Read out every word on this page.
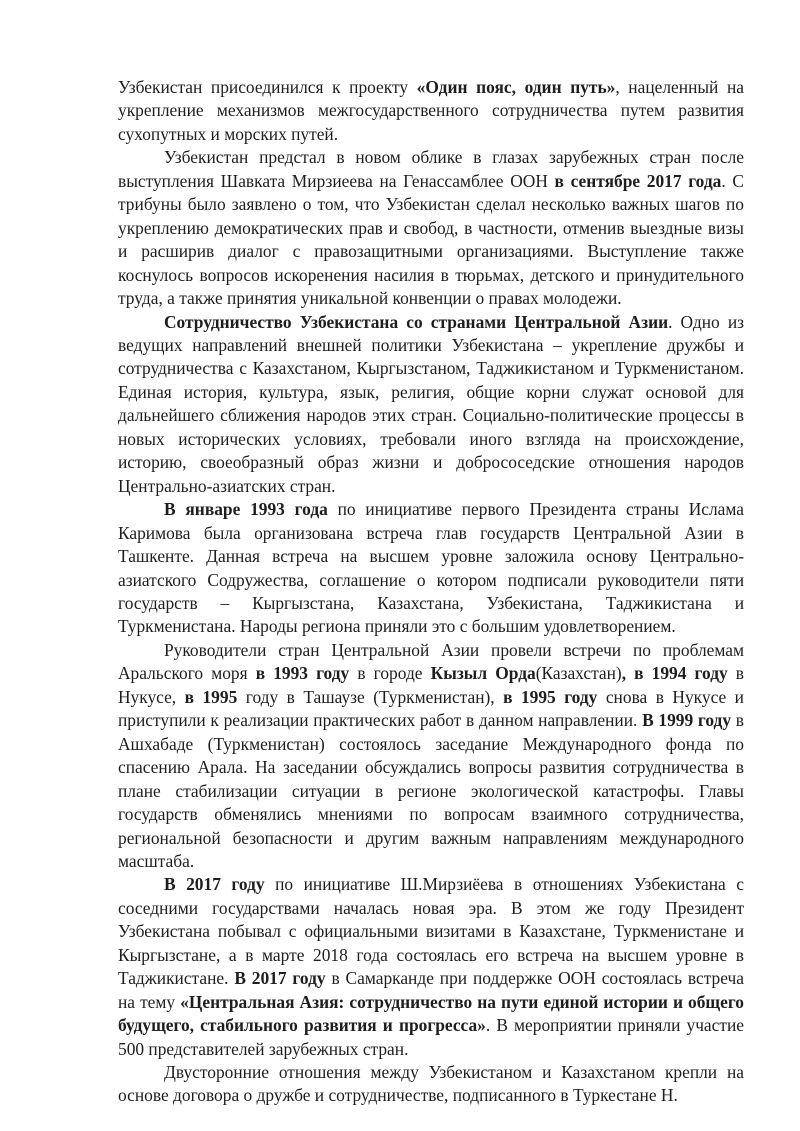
Узбекистан присоединился к проекту «Один пояс, один путь», нацеленный на укрепление механизмов межгосударственного сотрудничества путем развития сухопутных и морских путей.

Узбекистан предстал в новом облике в глазах зарубежных стран после выступления Шавката Мирзиеева на Генассамблее ООН в сентябре 2017 года. С трибуны было заявлено о том, что Узбекистан сделал несколько важных шагов по укреплению демократических прав и свобод, в частности, отменив выездные визы и расширив диалог с правозащитными организациями. Выступление также коснулось вопросов искоренения насилия в тюрьмах, детского и принудительного труда, а также принятия уникальной конвенции о правах молодежи.

Сотрудничество Узбекистана со странами Центральной Азии. Одно из ведущих направлений внешней политики Узбекистана – укрепление дружбы и сотрудничества с Казахстаном, Кыргызстаном, Таджикистаном и Туркменистаном. Единая история, культура, язык, религия, общие корни служат основой для дальнейшего сближения народов этих стран. Социально-политические процессы в новых исторических условиях, требовали иного взгляда на происхождение, историю, своеобразный образ жизни и добрососедские отношения народов Центрально-азиатских стран.

В январе 1993 года по инициативе первого Президента страны Ислама Каримова была организована встреча глав государств Центральной Азии в Ташкенте. Данная встреча на высшем уровне заложила основу Центрально-азиатского Содружества, соглашение о котором подписали руководители пяти государств – Кыргызстана, Казахстана, Узбекистана, Таджикистана и Туркменистана. Народы региона приняли это с большим удовлетворением.

Руководители стран Центральной Азии провели встречи по проблемам Аральского моря в 1993 году в городе Кызыл Орда(Казахстан), в 1994 году в Нукусе, в 1995 году в Ташаузе (Туркменистан), в 1995 году снова в Нукусе и приступили к реализации практических работ в данном направлении. В 1999 году в Ашхабаде (Туркменистан) состоялось заседание Международного фонда по спасению Арала. На заседании обсуждались вопросы развития сотрудничества в плане стабилизации ситуации в регионе экологической катастрофы. Главы государств обменялись мнениями по вопросам взаимного сотрудничества, региональной безопасности и другим важным направлениям международного масштаба.

В 2017 году по инициативе Ш.Мирзиёева в отношениях Узбекистана с соседними государствами началась новая эра. В этом же году Президент Узбекистана побывал с официальными визитами в Казахстане, Туркменистане и Кыргызстане, а в марте 2018 года состоялась его встреча на высшем уровне в Таджикистане. В 2017 году в Самарканде при поддержке ООН состоялась встреча на тему «Центральная Азия: сотрудничество на пути единой истории и общего будущего, стабильного развития и прогресса». В мероприятии приняли участие 500 представителей зарубежных стран.

Двусторонние отношения между Узбекистаном и Казахстаном крепли на основе договора о дружбе и сотрудничестве, подписанного в Туркестане Н.
